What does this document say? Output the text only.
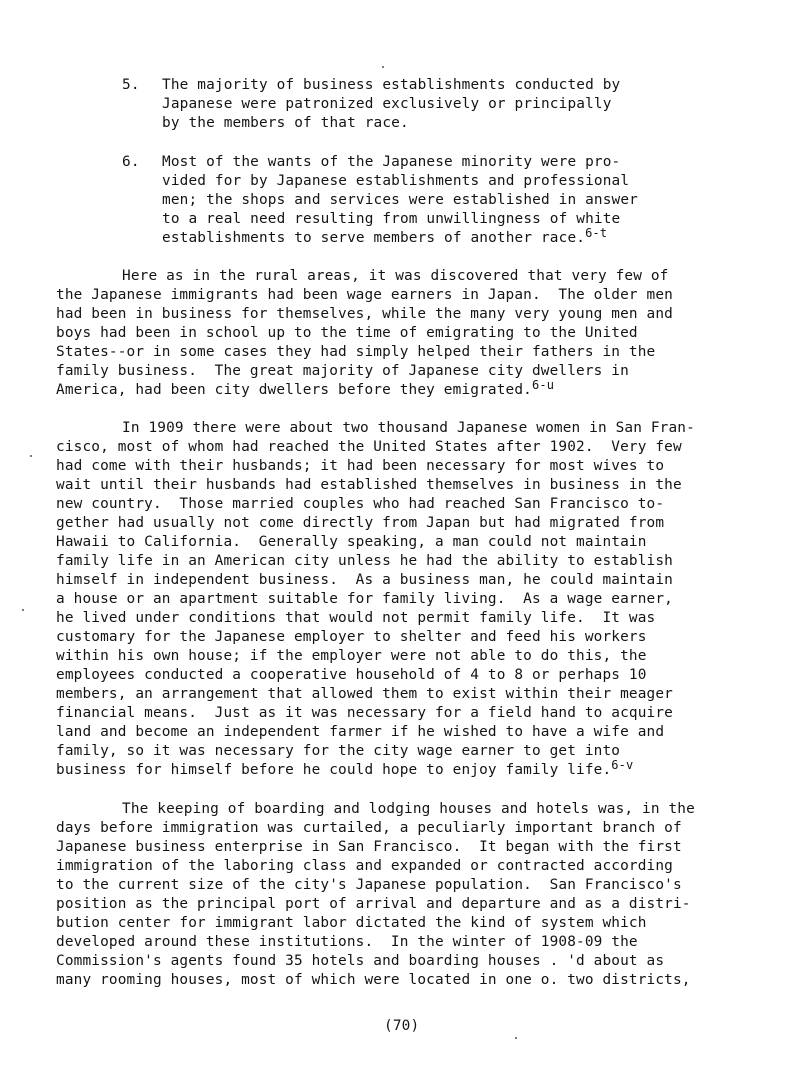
5. The majority of business establishments conducted by
Japanese were patronized exclusively or principally
by the members of that race.
6. Most of the wants of the Japanese minority were pro-
vided for by Japanese establishments and professional
men; the shops and services were established in answer
to a real need resulting from unwillingness of white
establishments to serve members of another race.$^{6-t}$
Here as in the rural areas, it was discovered that very few of
the Japanese immigrants had been wage earners in Japan.  The older men
had been in business for themselves, while the many very young men and
boys had been in school up to the time of emigrating to the United
States--or in some cases they had simply helped their fathers in the
family business.  The great majority of Japanese city dwellers in
America, had been city dwellers before they emigrated.$^{6-u}$
In 1909 there were about two thousand Japanese women in San Fran-
cisco, most of whom had reached the United States after 1902.  Very few
had come with their husbands; it had been necessary for most wives to
wait until their husbands had established themselves in business in the
new country.  Those married couples who had reached San Francisco to-
gether had usually not come directly from Japan but had migrated from
Hawaii to California.  Generally speaking, a man could not maintain
family life in an American city unless he had the ability to establish
himself in independent business.  As a business man, he could maintain
a house or an apartment suitable for family living.  As a wage earner,
he lived under conditions that would not permit family life.  It was
customary for the Japanese employer to shelter and feed his workers
within his own house; if the employer were not able to do this, the
employees conducted a cooperative household of 4 to 8 or perhaps 10
members, an arrangement that allowed them to exist within their meager
financial means.  Just as it was necessary for a field hand to acquire
land and become an independent farmer if he wished to have a wife and
family, so it was necessary for the city wage earner to get into
business for himself before he could hope to enjoy family life.$^{6-v}$
The keeping of boarding and lodging houses and hotels was, in the
days before immigration was curtailed, a peculiarly important branch of
Japanese business enterprise in San Francisco.  It began with the first
immigration of the laboring class and expanded or contracted according
to the current size of the city's Japanese population.  San Francisco's
position as the principal port of arrival and departure and as a distri-
bution center for immigrant labor dictated the kind of system which
developed around these institutions.  In the winter of 1908-09 the
Commission's agents found 35 hotels and boarding houses . 'd about as
many rooming houses, most of which were located in one o. two districts,
(70)
